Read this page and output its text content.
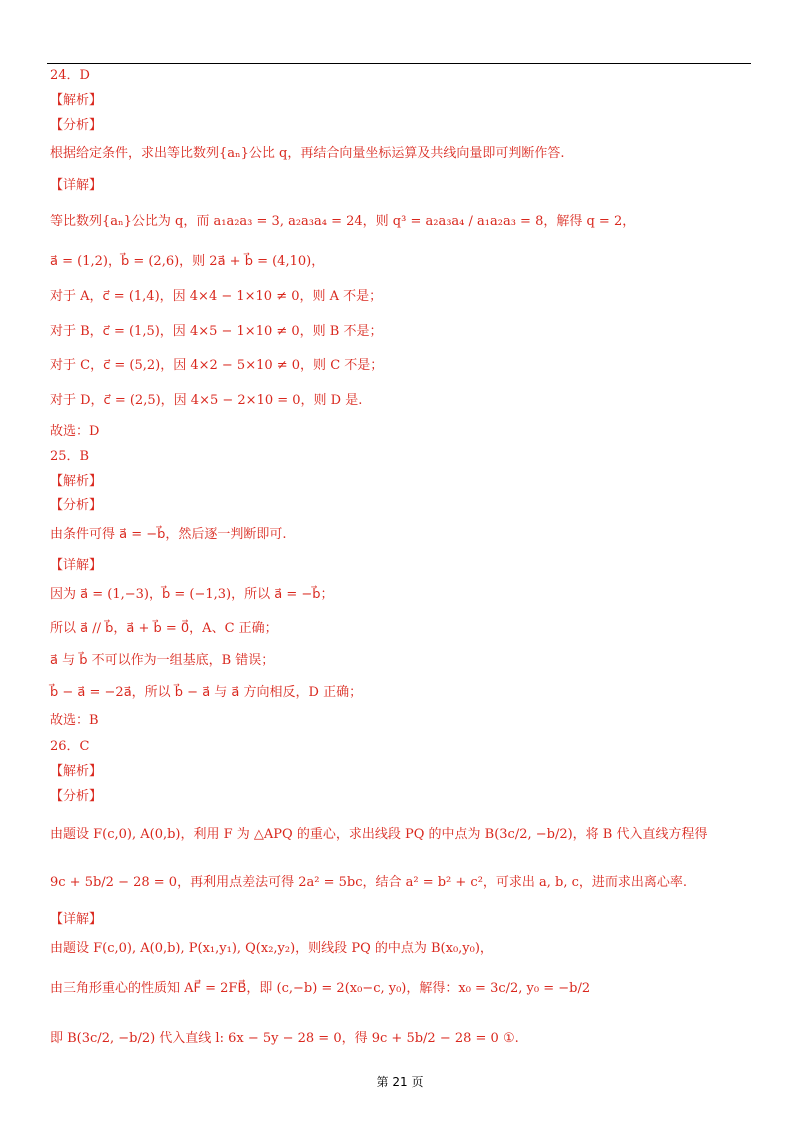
24．D
【解析】
【分析】
根据给定条件，求出等比数列{aₙ}公比 q，再结合向量坐标运算及共线向量即可判断作答.
【详解】
等比数列{aₙ}公比为 q，而 a₁a₂a₃ = 3, a₂a₃a₄ = 24，则 q³ = a₂a₃a₄ / a₁a₂a₃ = 8，解得 q = 2，
a⃗ = (1,2)，b⃗ = (2,6)，则 2a⃗ + b⃗ = (4,10)，
对于 A，c⃗ = (1,4)，因 4×4 − 1×10 ≠ 0，则 A 不是；
对于 B，c⃗ = (1,5)，因 4×5 − 1×10 ≠ 0，则 B 不是；
对于 C，c⃗ = (5,2)，因 4×2 − 5×10 ≠ 0，则 C 不是；
对于 D，c⃗ = (2,5)，因 4×5 − 2×10 = 0，则 D 是.
故选：D
25．B
【解析】
【分析】
由条件可得 a⃗ = −b⃗，然后逐一判断即可.
【详解】
因为 a⃗ = (1,−3)，b⃗ = (−1,3)，所以 a⃗ = −b⃗；
所以 a⃗ // b⃗，a⃗ + b⃗ = 0⃗，A、C 正确；
a⃗ 与 b⃗ 不可以作为一组基底，B 错误；
b⃗ − a⃗ = −2a⃗，所以 b⃗ − a⃗ 与 a⃗ 方向相反，D 正确；
故选：B
26．C
【解析】
【分析】
由题设 F(c,0), A(0,b)，利用 F 为 △APQ 的重心，求出线段 PQ 的中点为 B(3c/2, −b/2)，将 B 代入直线方程得
9c + 5b/2 − 28 = 0，再利用点差法可得 2a² = 5bc，结合 a² = b² + c²，可求出 a, b, c，进而求出离心率.
【详解】
由题设 F(c,0), A(0,b), P(x₁,y₁), Q(x₂,y₂)，则线段 PQ 的中点为 B(x₀,y₀)，
由三角形重心的性质知 AF⃗ = 2FB⃗，即 (c,−b) = 2(x₀−c, y₀)，解得：x₀ = 3c/2, y₀ = −b/2
即 B(3c/2, −b/2) 代入直线 l: 6x − 5y − 28 = 0，得 9c + 5b/2 − 28 = 0 ①.
第 21 页
